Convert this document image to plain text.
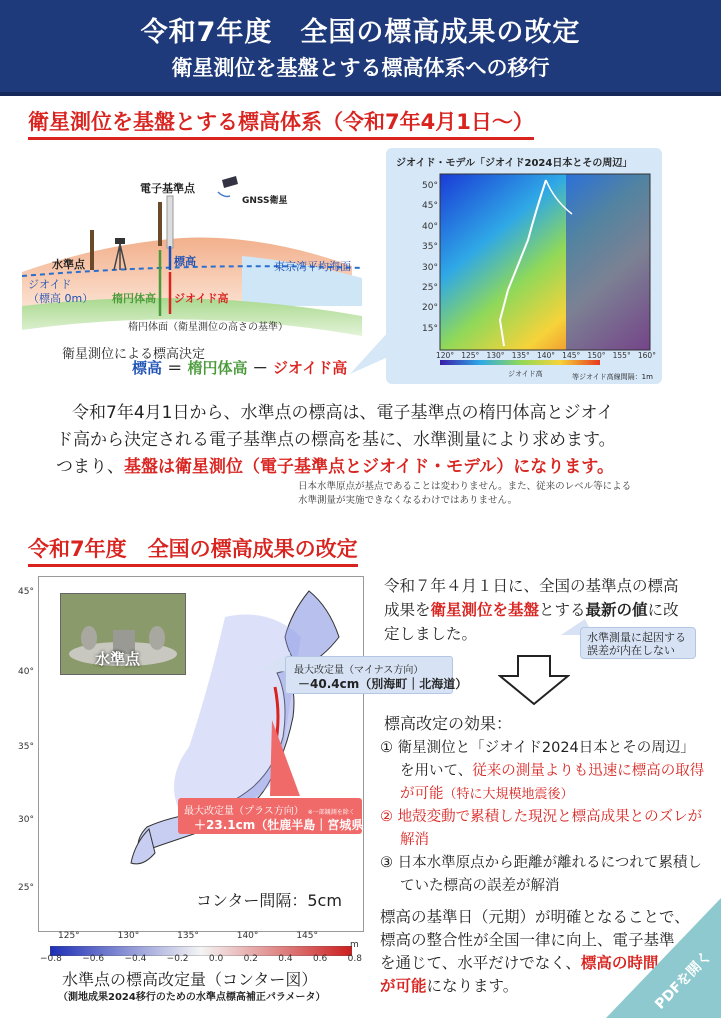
令和7年度　全国の標高成果の改定
衛星測位を基盤とする標高体系への移行
衛星測位を基盤とする標高体系（令和7年4月1日～）
電子基準点
GNSS衛星
水準点
ジオイド
（標高 0m）
東京湾平均海面
標高
楕円体高 ジオイド高
楕円体面（衛星測位の高さの基準）
衛星測位による標高決定
標高 ＝ 楕円体高 － ジオイド高
ジオイド・モデル「ジオイド2024日本とその周辺」
50°
45°
40°
35°
30°
25°
20°
15°
120° 125° 130° 135° 140° 145° 150° 155° 160°
ジオイド高	等ジオイド高線間隔：1m
令和7年4月1日から、水準点の標高は、電子基準点の楕円体高とジオイ
ド高から決定される電子基準点の標高を基に、水準測量により求めます。
つまり、基盤は衛星測位（電子基準点とジオイド・モデル）になります。
日本水準原点が基点であることは変わりません。また、従来のレベル等による
水準測量が実施できなくなるわけではありません。
令和7年度　全国の標高成果の改定
45°
40°
35°
30°
25°
125°	130°	135°	140°	145°
水準点
最大改定量（マイナス方向）
－40.4cm（別海町｜北海道）
最大改定量（プラス方向） ※一部観測を除く
＋23.1cm（牡鹿半島｜宮城県）
コンター間隔：5cm
−0.8 −0.6 −0.4 −0.2 0.0 0.2 0.4 0.6 0.8
m
水準点の標高改定量（コンター図）
（測地成果2024移行のための水準点標高補正パラメータ）
令和７年４月１日に、全国の基準点の標高
成果を衛星測位を基盤とする最新の値に改
定しました。	水準測量に起因する誤差が内在しない
標高改定の効果：
① 衛星測位と「ジオイド2024日本とその周辺」
を用いて、従来の測量よりも迅速に標高の取得
が可能（特に大規模地震後）
② 地殻変動で累積した現況と標高成果とのズレが
解消
③ 日本水準原点から距離が離れるにつれて累積し
ていた標高の誤差が解消
標高の基準日（元期）が明確となることで、
標高の整合性が全国一律に向上、電子基準
を通じて、水平だけでなく、標高の時間
が可能になります。	PDFを開く
